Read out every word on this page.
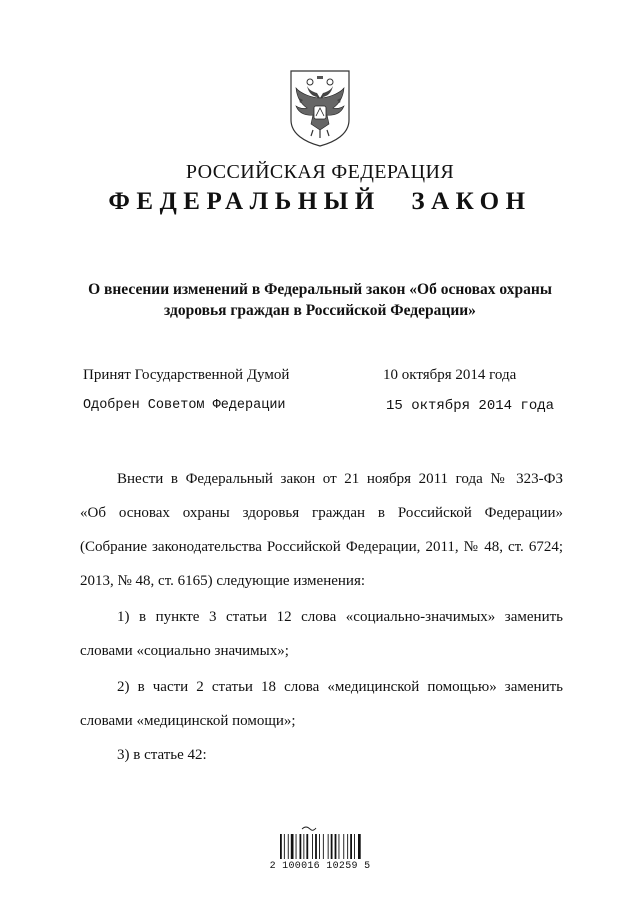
РОССИЙСКАЯ ФЕДЕРАЦИЯ
ФЕДЕРАЛЬНЫЙ ЗАКОН
О внесении изменений в Федеральный закон «Об основах охраны
здоровья граждан в Российской Федерации»
Принят Государственной Думой	10 октября 2014 года
Одобрен Советом Федерации	15 октября 2014 года
Внести в Федеральный закон от 21 ноября 2011 года № 323-ФЗ
«Об основах охраны здоровья граждан в Российской Федерации»
(Собрание законодательства Российской Федерации, 2011, № 48, ст. 6724;
2013, № 48, ст. 6165) следующие изменения:
1) в пункте 3 статьи 12 слова «социально-значимых» заменить
словами «социально значимых»;
2) в части 2 статьи 18 слова «медицинской помощью» заменить
словами «медицинской помощи»;
3) в статье 42:
2 100016 10259 5
